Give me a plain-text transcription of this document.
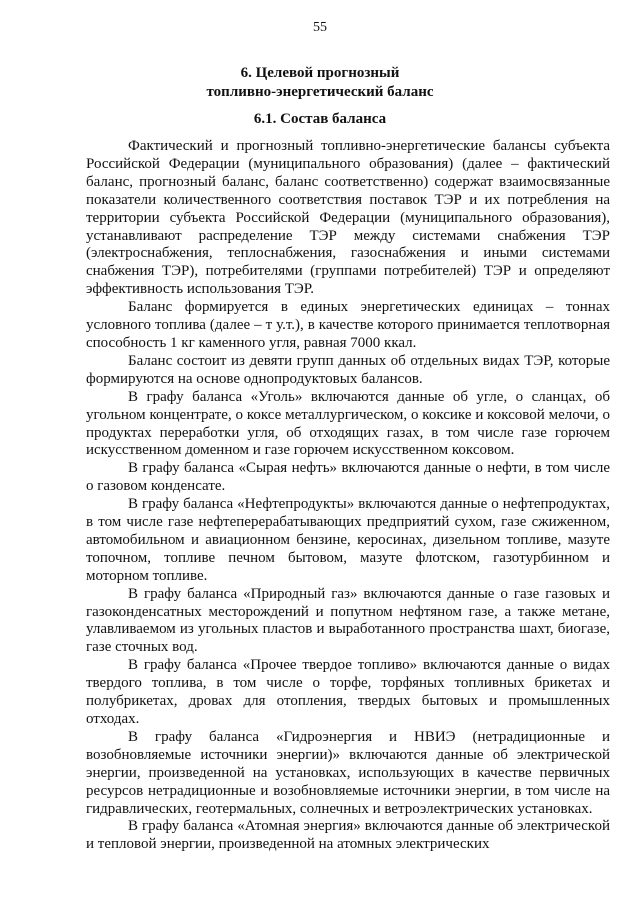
55
6. Целевой прогнозный
топливно-энергетический баланс
6.1. Состав баланса

Фактический и прогнозный топливно-энергетические балансы субъекта Российской Федерации (муниципального образования) (далее – фактический баланс, прогнозный баланс, баланс соответственно) содержат взаимосвязанные показатели количественного соответствия поставок ТЭР и их потребления на территории субъекта Российской Федерации (муниципального образования), устанавливают распределение ТЭР между системами снабжения ТЭР (электроснабжения, теплоснабжения, газоснабжения и иными системами снабжения ТЭР), потребителями (группами потребителей) ТЭР и определяют эффективность использования ТЭР.

Баланс формируется в единых энергетических единицах – тоннах условного топлива (далее – т у.т.), в качестве которого принимается теплотворная способность 1 кг каменного угля, равная 7000 ккал.

Баланс состоит из девяти групп данных об отдельных видах ТЭР, которые формируются на основе однопродуктовых балансов.

В графу баланса «Уголь» включаются данные об угле, о сланцах, об угольном концентрате, о коксе металлургическом, о коксике и коксовой мелочи, о продуктах переработки угля, об отходящих газах, в том числе газе горючем искусственном доменном и газе горючем искусственном коксовом.

В графу баланса «Сырая нефть» включаются данные о нефти, в том числе о газовом конденсате.

В графу баланса «Нефтепродукты» включаются данные о нефтепродуктах, в том числе газе нефтеперерабатывающих предприятий сухом, газе сжиженном, автомобильном и авиационном бензине, керосинах, дизельном топливе, мазуте топочном, топливе печном бытовом, мазуте флотском, газотурбинном и моторном топливе.

В графу баланса «Природный газ» включаются данные о газе газовых и газоконденсатных месторождений и попутном нефтяном газе, а также метане, улавливаемом из угольных пластов и выработанного пространства шахт, биогазе, газе сточных вод.

В графу баланса «Прочее твердое топливо» включаются данные о видах твердого топлива, в том числе о торфе, торфяных топливных брикетах и полубрикетах, дровах для отопления, твердых бытовых и промышленных отходах.

В графу баланса «Гидроэнергия и НВИЭ (нетрадиционные и возобновляемые источники энергии)» включаются данные об электрической энергии, произведенной на установках, использующих в качестве первичных ресурсов нетрадиционные и возобновляемые источники энергии, в том числе на гидравлических, геотермальных, солнечных и ветроэлектрических установках.

В графу баланса «Атомная энергия» включаются данные об электрической и тепловой энергии, произведенной на атомных электрических
